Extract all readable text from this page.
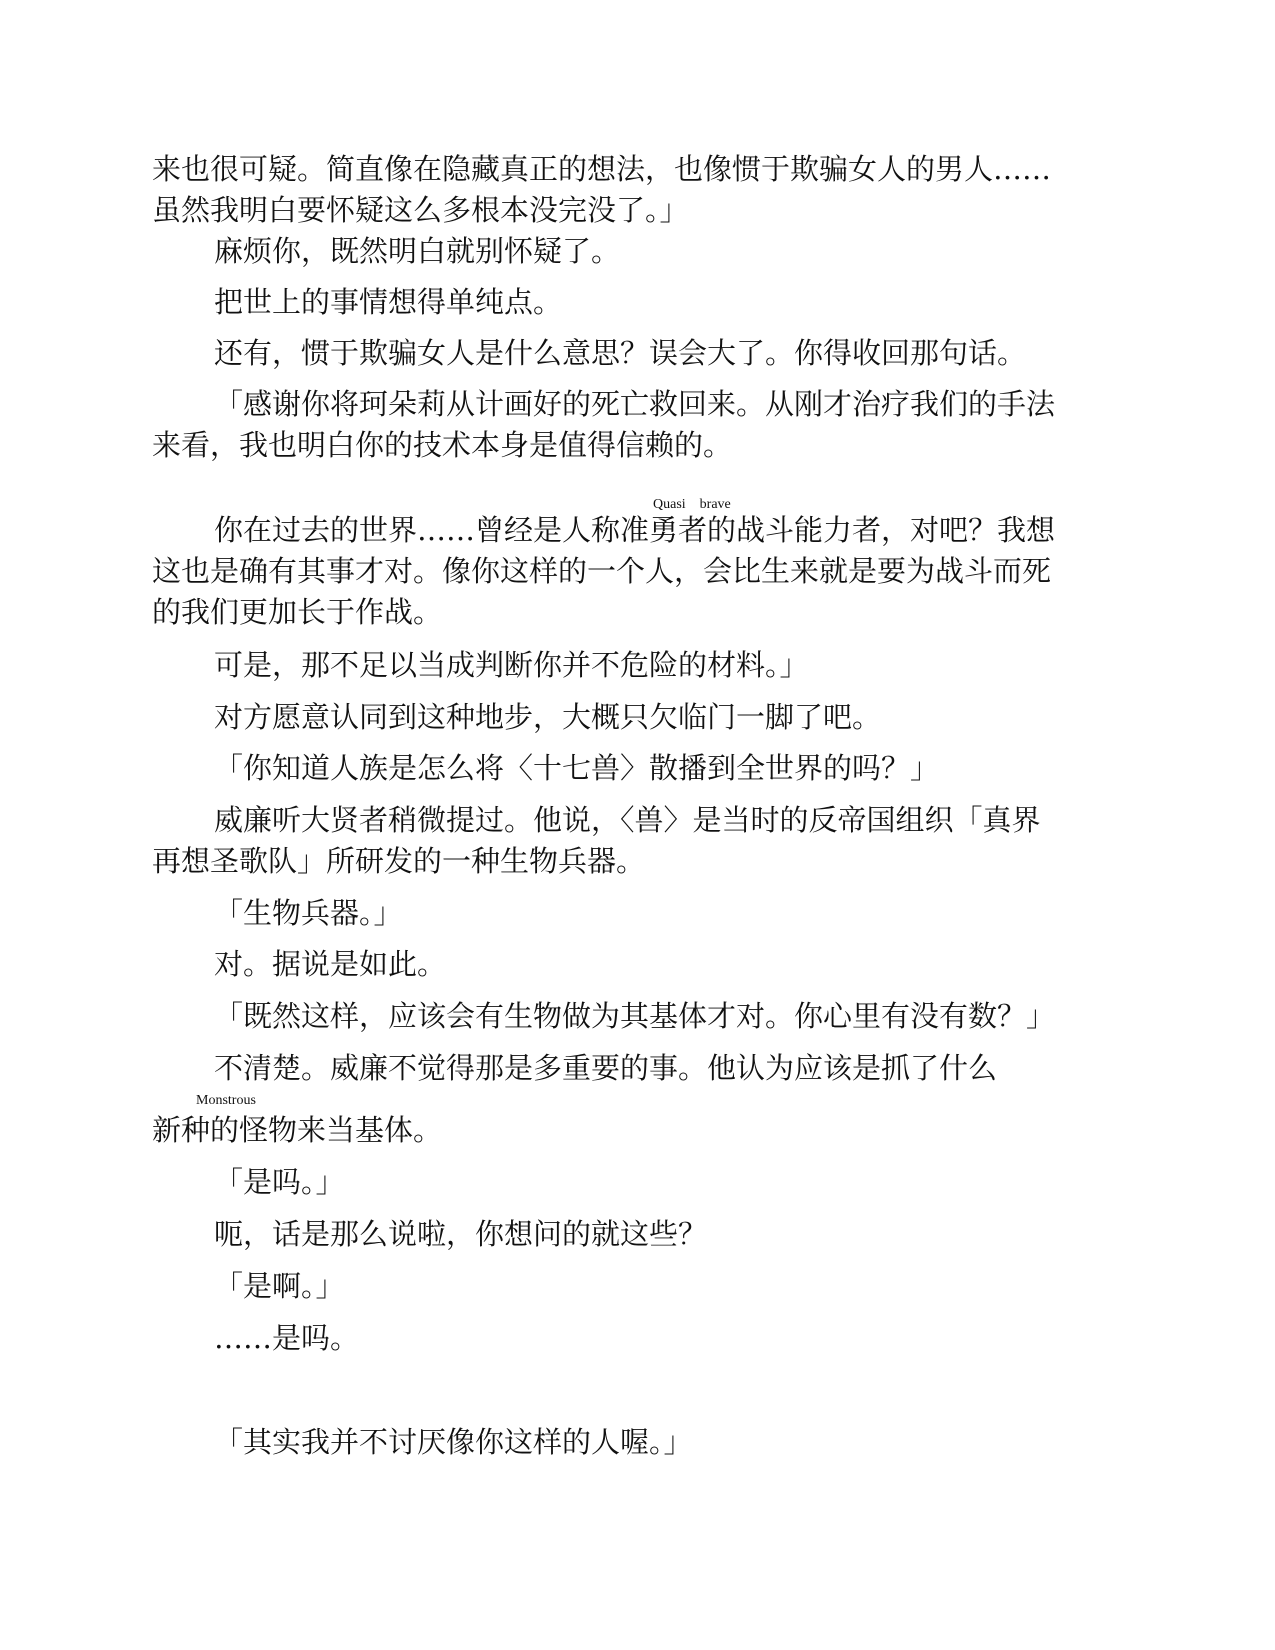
来也很可疑。简直像在隐藏真正的想法，也像惯于欺骗女人的男人……
虽然我明白要怀疑这么多根本没完没了。」

麻烦你，既然明白就别怀疑了。

把世上的事情想得单纯点。

还有，惯于欺骗女人是什么意思？误会大了。你得收回那句话。

「感谢你将珂朵莉从计画好的死亡救回来。从刚才治疗我们的手法
来看，我也明白你的技术本身是值得信赖的。

Quasi　brave

你在过去的世界……曾经是人称准勇者的战斗能力者，对吧？我想
这也是确有其事才对。像你这样的一个人，会比生来就是要为战斗而死
的我们更加长于作战。

可是，那不足以当成判断你并不危险的材料。」

对方愿意认同到这种地步，大概只欠临门一脚了吧。

「你知道人族是怎么将〈十七兽〉散播到全世界的吗？」

威廉听大贤者稍微提过。他说，〈兽〉是当时的反帝国组织「真界
再想圣歌队」所研发的一种生物兵器。

「生物兵器。」

对。据说是如此。

「既然这样，应该会有生物做为其基体才对。你心里有没有数？」

不清楚。威廉不觉得那是多重要的事。他认为应该是抓了什么

Monstrous

新种的怪物来当基体。

「是吗。」

呃，话是那么说啦，你想问的就这些？

「是啊。」

……是吗。

「其实我并不讨厌像你这样的人喔。」
